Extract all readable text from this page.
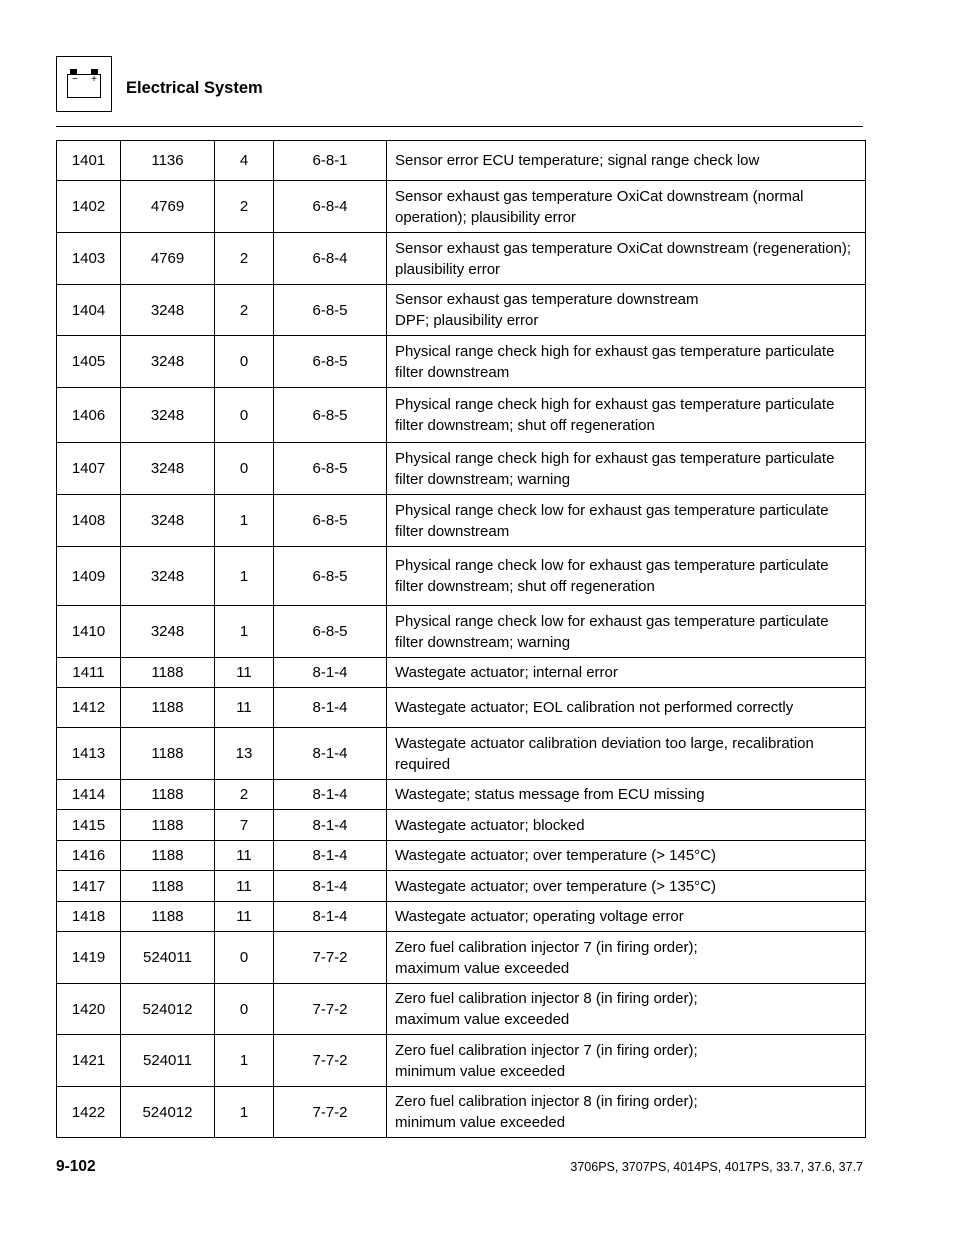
− + Electrical System
1401	1136	4	6-8-1	Sensor error ECU temperature; signal range check low
1402	4769	2	6-8-4	Sensor exhaust gas temperature OxiCat downstream (normal operation); plausibility error
1403	4769	2	6-8-4	Sensor exhaust gas temperature OxiCat downstream (regeneration); plausibility error
1404	3248	2	6-8-5	Sensor exhaust gas temperature downstream
DPF; plausibility error
1405	3248	0	6-8-5	Physical range check high for exhaust gas temperature particulate filter downstream
1406	3248	0	6-8-5	Physical range check high for exhaust gas temperature particulate filter downstream; shut off regeneration
1407	3248	0	6-8-5	Physical range check high for exhaust gas temperature particulate filter downstream; warning
1408	3248	1	6-8-5	Physical range check low for exhaust gas temperature particulate filter downstream
1409	3248	1	6-8-5	Physical range check low for exhaust gas temperature particulate filter downstream; shut off regeneration
1410	3248	1	6-8-5	Physical range check low for exhaust gas temperature particulate filter downstream; warning
1411	1188	11	8-1-4	Wastegate actuator; internal error
1412	1188	11	8-1-4	Wastegate actuator; EOL calibration not performed correctly
1413	1188	13	8-1-4	Wastegate actuator calibration deviation too large, recalibration required
1414	1188	2	8-1-4	Wastegate; status message from ECU missing
1415	1188	7	8-1-4	Wastegate actuator; blocked
1416	1188	11	8-1-4	Wastegate actuator; over temperature (> 145°C)
1417	1188	11	8-1-4	Wastegate actuator; over temperature (> 135°C)
1418	1188	11	8-1-4	Wastegate actuator; operating voltage error
1419	524011	0	7-7-2	Zero fuel calibration injector 7 (in firing order);
maximum value exceeded
1420	524012	0	7-7-2	Zero fuel calibration injector 8 (in firing order);
maximum value exceeded
1421	524011	1	7-7-2	Zero fuel calibration injector 7 (in firing order);
minimum value exceeded
1422	524012	1	7-7-2	Zero fuel calibration injector 8 (in firing order);
minimum value exceeded
9-102	3706PS, 3707PS, 4014PS, 4017PS, 33.7, 37.6, 37.7
